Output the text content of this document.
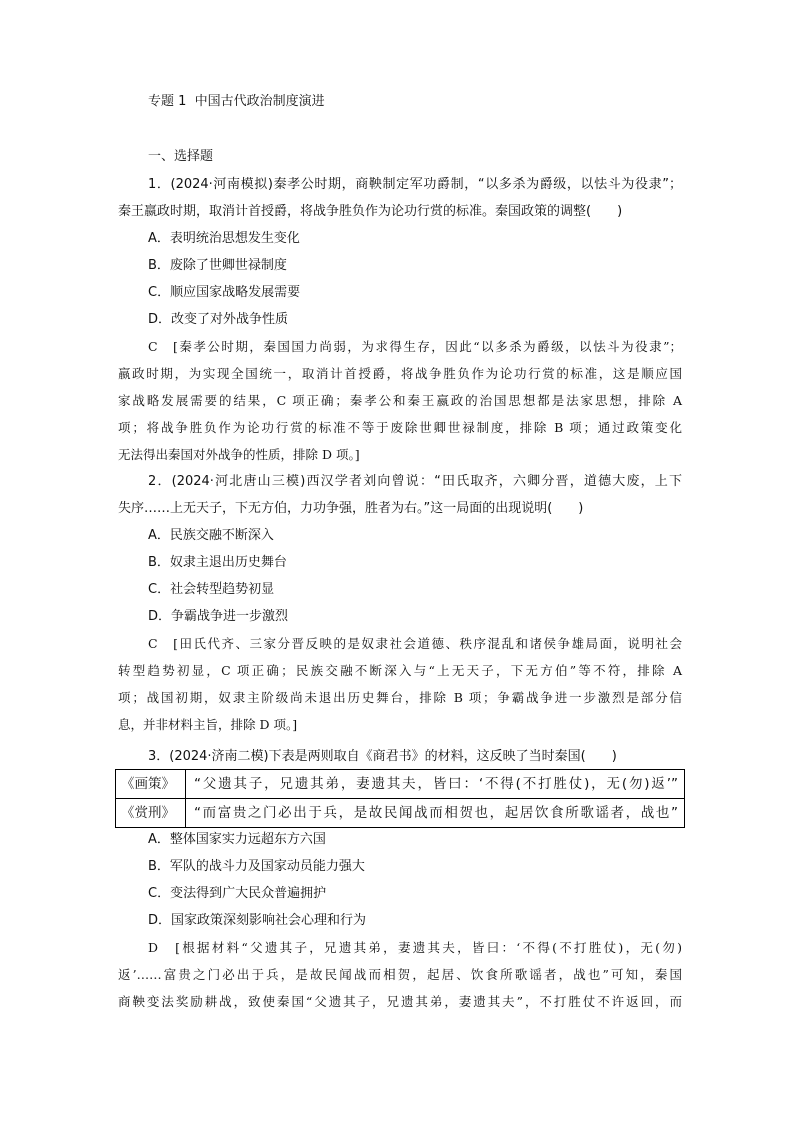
专题 1  中国古代政治制度演进
一、选择题
1．(2024·河南模拟)秦孝公时期，商鞅制定军功爵制，“以多杀为爵级，以怯斗为役隶”；
秦王嬴政时期，取消计首授爵，将战争胜负作为论功行赏的标准。秦国政策的调整(　　)
A．表明统治思想发生变化
B．废除了世卿世禄制度
C．顺应国家战略发展需要
D．改变了对外战争性质
C　[秦孝公时期，秦国国力尚弱，为求得生存，因此“以多杀为爵级，以怯斗为役隶”；
嬴政时期，为实现全国统一，取消计首授爵，将战争胜负作为论功行赏的标准，这是顺应国
家战略发展需要的结果，C 项正确；秦孝公和秦王嬴政的治国思想都是法家思想，排除 A
项；将战争胜负作为论功行赏的标准不等于废除世卿世禄制度，排除 B 项；通过政策变化
无法得出秦国对外战争的性质，排除 D 项。]
2．(2024·河北唐山三模)西汉学者刘向曾说：“田氏取齐，六卿分晋，道德大废，上下
失序……上无天子，下无方伯，力功争强，胜者为右。”这一局面的出现说明(　　)
A．民族交融不断深入
B．奴隶主退出历史舞台
C．社会转型趋势初显
D．争霸战争进一步激烈
C　[田氏代齐、三家分晋反映的是奴隶社会道德、秩序混乱和诸侯争雄局面，说明社会
转型趋势初显，C 项正确；民族交融不断深入与“上无天子，下无方伯”等不符，排除 A
项；战国初期，奴隶主阶级尚未退出历史舞台，排除 B 项；争霸战争进一步激烈是部分信
息，并非材料主旨，排除 D 项。]
3．(2024·济南二模)下表是两则取自《商君书》的材料，这反映了当时秦国(　　)
《画策》	“父遗其子，兄遗其弟，妻遗其夫，皆曰：‘不得(不打胜仗)，无(勿)返’”
《赏刑》	“而富贵之门必出于兵，是故民闻战而相贺也，起居饮食所歌谣者，战也”
A．整体国家实力远超东方六国
B．军队的战斗力及国家动员能力强大
C．变法得到广大民众普遍拥护
D．国家政策深刻影响社会心理和行为
D　[根据材料“父遗其子，兄遗其弟，妻遗其夫，皆曰：‘不得(不打胜仗)，无(勿)
返’……富贵之门必出于兵，是故民闻战而相贺，起居、饮食所歌谣者，战也”可知，秦国
商鞅变法奖励耕战，致使秦国“父遗其子，兄遗其弟，妻遗其夫”，不打胜仗不许返回，而
